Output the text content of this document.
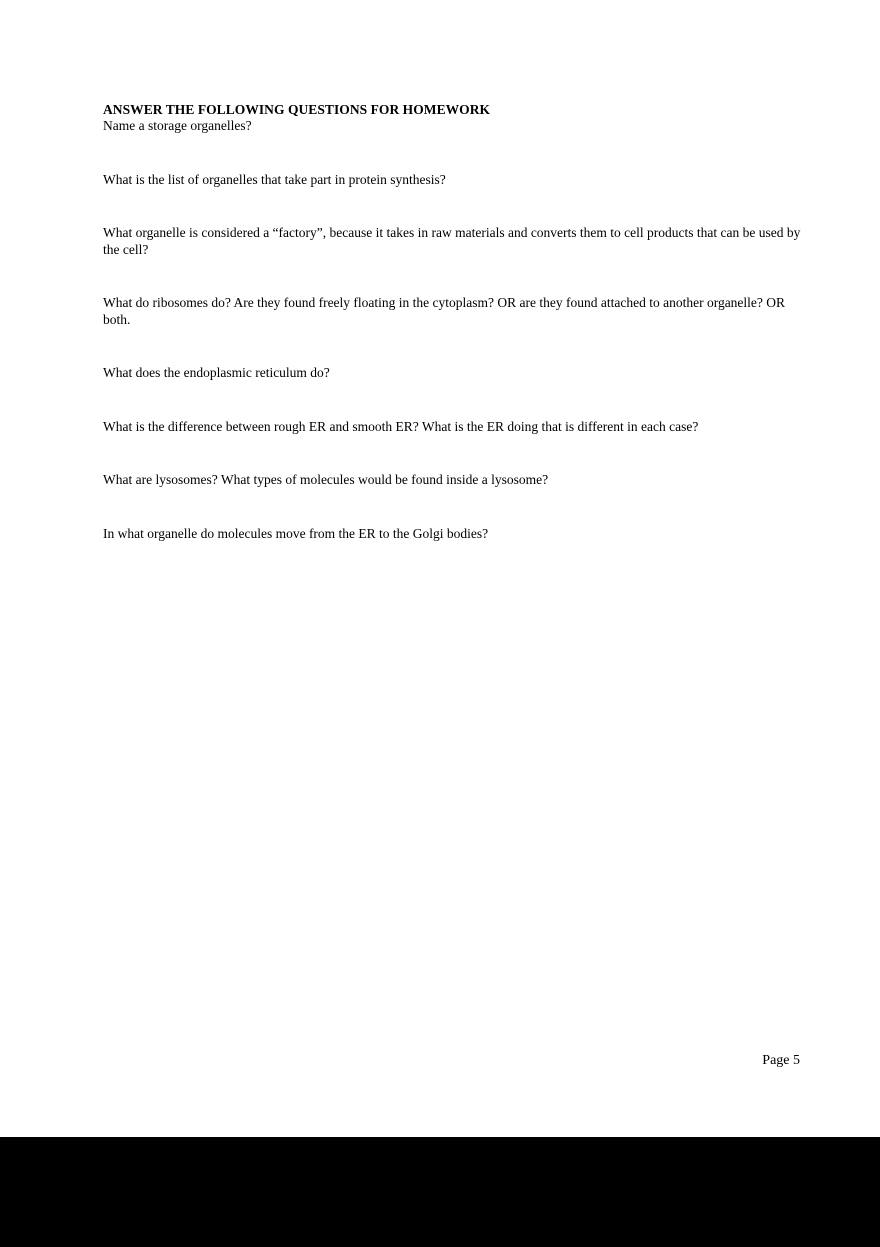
ANSWER THE FOLLOWING QUESTIONS FOR HOMEWORK

Name a storage organelles?

What is the list of organelles that take part in protein synthesis?

What organelle is considered a “factory”, because it takes in raw materials and converts them to cell products that can be used by the cell?

What do ribosomes do? Are they found freely floating in the cytoplasm? OR are they found attached to another organelle? OR both.

What does the endoplasmic reticulum do?

What is the difference between rough ER and smooth ER? What is the ER doing that is different in each case?

What are lysosomes? What types of molecules would be found inside a lysosome?

In what organelle do molecules move from the ER to the Golgi bodies?

Page 5
